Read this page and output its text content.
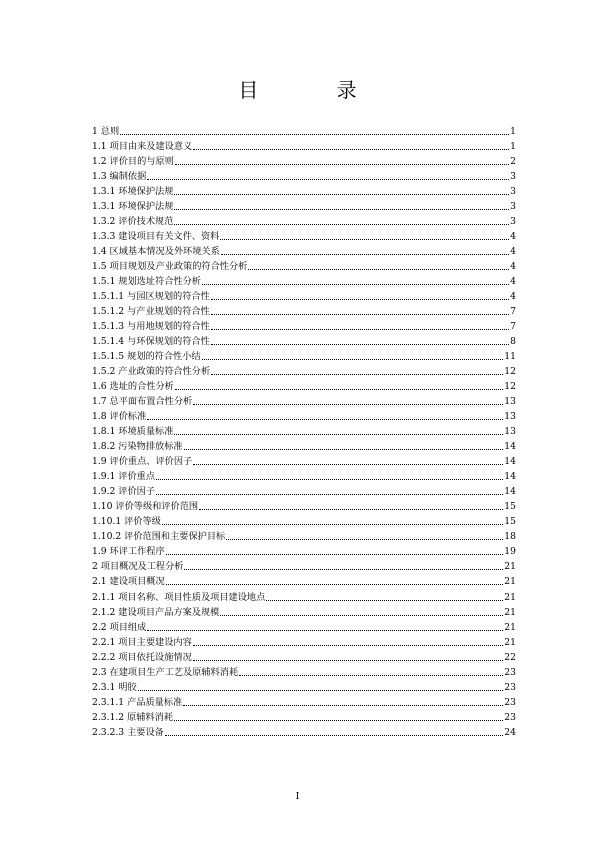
目 录
1 总则	1
1.1 项目由来及建设意义	1
1.2 评价目的与原则	2
1.3 编制依据	3
1.3.1 环境保护法规	3
1.3.1 环境保护法规	3
1.3.2 评价技术规范	3
1.3.3 建设项目有关文件、资料	4
1.4 区域基本情况及外环境关系	4
1.5 项目规划及产业政策的符合性分析	4
1.5.1 规划选址符合性分析	4
1.5.1.1 与园区规划的符合性	4
1.5.1.2 与产业规划的符合性	7
1.5.1.3 与用地规划的符合性	7
1.5.1.4 与环保规划的符合性	8
1.5.1.5 规划的符合性小结	11
1.5.2 产业政策的符合性分析	12
1.6 选址的合性分析	12
1.7 总平面布置合性分析	13
1.8 评价标准	13
1.8.1 环境质量标准	13
1.8.2 污染物排放标准	14
1.9 评价重点、评价因子	14
1.9.1 评价重点	14
1.9.2 评价因子	14
1.10 评价等级和评价范围	15
1.10.1 评价等级	15
1.10.2 评价范围和主要保护目标	18
1.9 环评工作程序	19
2 项目概况及工程分析	21
2.1 建设项目概况	21
2.1.1 项目名称、项目性质及项目建设地点	21
2.1.2 建设项目产品方案及规模	21
2.2 项目组成	21
2.2.1 项目主要建设内容	21
2.2.2 项目依托设施情况	22
2.3 在建项目生产工艺及原辅料消耗	23
2.3.1 明胶	23
2.3.1.1 产品质量标准	23
2.3.1.2 原辅料消耗	23
2.3.2.3 主要设备	24
I
